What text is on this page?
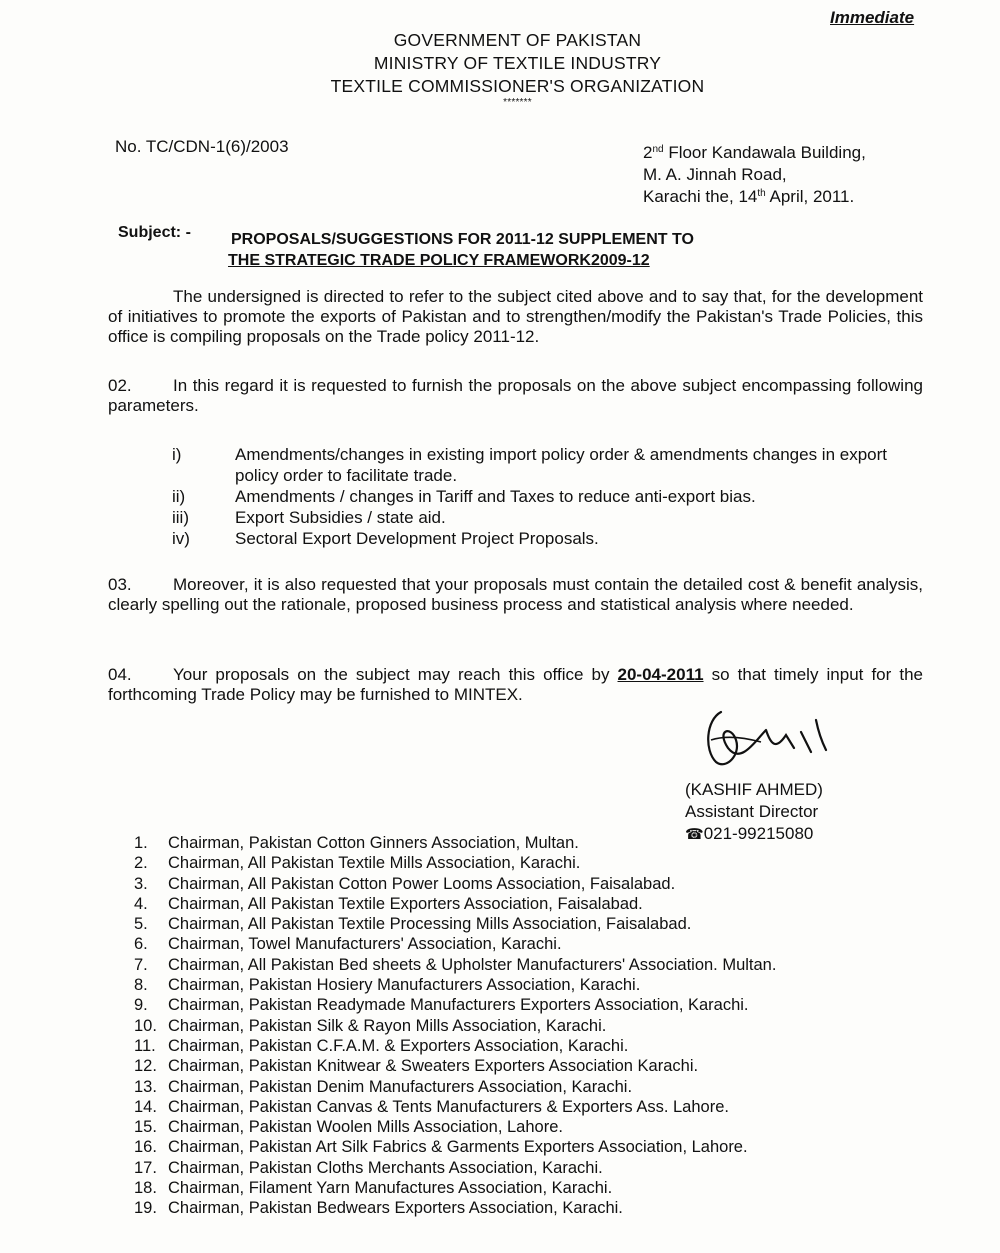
Immediate
GOVERNMENT OF PAKISTAN
MINISTRY OF TEXTILE INDUSTRY
TEXTILE COMMISSIONER'S ORGANIZATION
*******
No. TC/CDN-1(6)/2003	2nd Floor Kandawala Building,
M. A. Jinnah Road,
Karachi the, 14th April, 2011.
Subject: -	PROPOSALS/SUGGESTIONS FOR 2011-12 SUPPLEMENT TO
THE STRATEGIC TRADE POLICY FRAMEWORK2009-12
The undersigned is directed to refer to the subject cited above and to say that, for the development of initiatives to promote the exports of Pakistan and to strengthen/modify the Pakistan's Trade Policies, this office is compiling proposals on the Trade policy 2011-12.
02. In this regard it is requested to furnish the proposals on the above subject encompassing following parameters.
i)	Amendments/changes in existing import policy order & amendments changes in export policy order to facilitate trade.
ii)	Amendments / changes in Tariff and Taxes to reduce anti-export bias.
iii)	Export Subsidies / state aid.
iv)	Sectoral Export Development Project Proposals.
03. Moreover, it is also requested that your proposals must contain the detailed cost & benefit analysis, clearly spelling out the rationale, proposed business process and statistical analysis where needed.
04. Your proposals on the subject may reach this office by 20-04-2011 so that timely input for the forthcoming Trade Policy may be furnished to MINTEX.
(KASHIF AHMED)
Assistant Director
☎021-99215080
1.	Chairman, Pakistan Cotton Ginners Association, Multan.
2.	Chairman, All Pakistan Textile Mills Association, Karachi.
3.	Chairman, All Pakistan Cotton Power Looms Association, Faisalabad.
4.	Chairman, All Pakistan Textile Exporters Association, Faisalabad.
5.	Chairman, All Pakistan Textile Processing Mills Association, Faisalabad.
6.	Chairman, Towel Manufacturers' Association, Karachi.
7.	Chairman, All Pakistan Bed sheets & Upholster Manufacturers' Association. Multan.
8.	Chairman, Pakistan Hosiery Manufacturers Association, Karachi.
9.	Chairman, Pakistan Readymade Manufacturers Exporters Association, Karachi.
10. Chairman, Pakistan Silk & Rayon Mills Association, Karachi.
11. Chairman, Pakistan C.F.A.M. & Exporters Association, Karachi.
12. Chairman, Pakistan Knitwear & Sweaters Exporters Association Karachi.
13. Chairman, Pakistan Denim Manufacturers Association, Karachi.
14. Chairman, Pakistan Canvas & Tents Manufacturers & Exporters Ass. Lahore.
15. Chairman, Pakistan Woolen Mills Association, Lahore.
16. Chairman, Pakistan Art Silk Fabrics & Garments Exporters Association, Lahore.
17. Chairman, Pakistan Cloths Merchants Association, Karachi.
18. Chairman, Filament Yarn Manufactures Association, Karachi.
19. Chairman, Pakistan Bedwears Exporters Association, Karachi.
